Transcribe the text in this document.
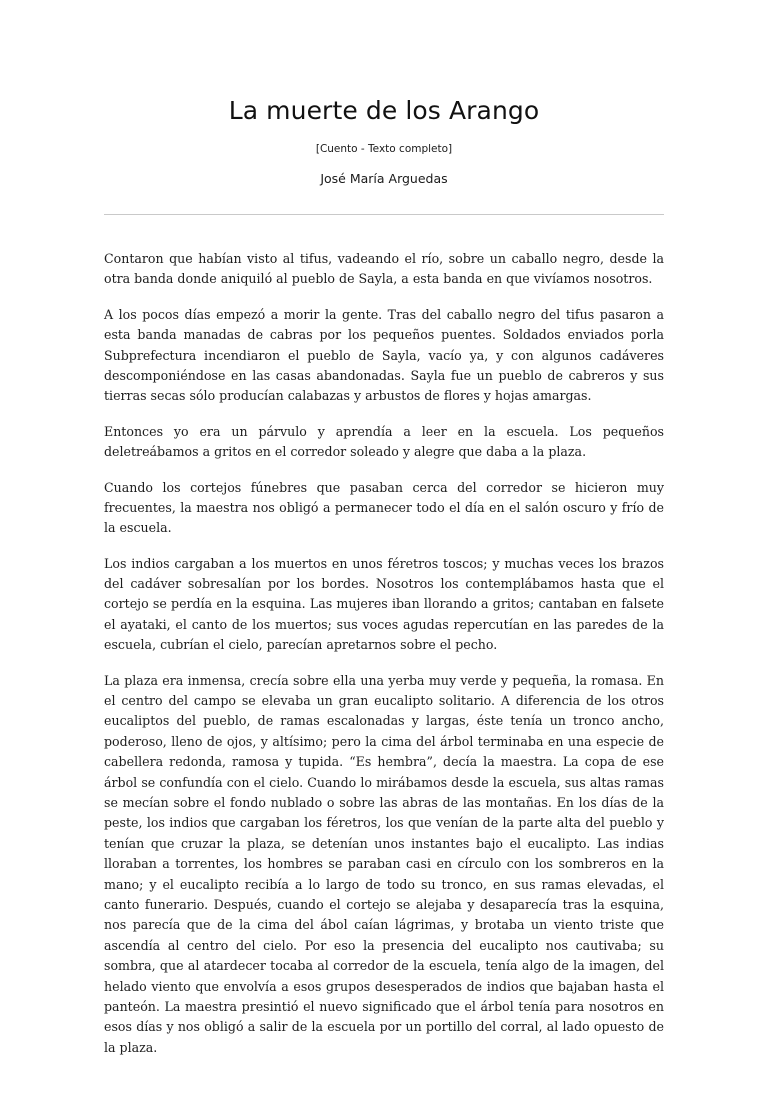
La muerte de los Arango
[Cuento - Texto completo]
José María Arguedas

Contaron que habían visto al tifus, vadeando el río, sobre un caballo negro, desde la otra banda donde aniquiló al pueblo de Sayla, a esta banda en que vivíamos nosotros.

A los pocos días empezó a morir la gente. Tras del caballo negro del tifus pasaron a esta banda manadas de cabras por los pequeños puentes. Soldados enviados porla Subprefectura incendiaron el pueblo de Sayla, vacío ya, y con algunos cadáveres descomponiéndose en las casas abandonadas. Sayla fue un pueblo de cabreros y sus tierras secas sólo producían calabazas y arbustos de flores y hojas amargas.

Entonces yo era un párvulo y aprendía a leer en la escuela. Los pequeños deletreábamos a gritos en el corredor soleado y alegre que daba a la plaza.

Cuando los cortejos fúnebres que pasaban cerca del corredor se hicieron muy frecuentes, la maestra nos obligó a permanecer todo el día en el salón oscuro y frío de la escuela.

Los indios cargaban a los muertos en unos féretros toscos; y muchas veces los brazos del cadáver sobresalían por los bordes. Nosotros los contemplábamos hasta que el cortejo se perdía en la esquina. Las mujeres iban llorando a gritos; cantaban en falsete el ayataki, el canto de los muertos; sus voces agudas repercutían en las paredes de la escuela, cubrían el cielo, parecían apretarnos sobre el pecho.

La plaza era inmensa, crecía sobre ella una yerba muy verde y pequeña, la romasa. En el centro del campo se elevaba un gran eucalipto solitario. A diferencia de los otros eucaliptos del pueblo, de ramas escalonadas y largas, éste tenía un tronco ancho, poderoso, lleno de ojos, y altísimo; pero la cima del árbol terminaba en una especie de cabellera redonda, ramosa y tupida. “Es hembra”, decía la maestra. La copa de ese árbol se confundía con el cielo. Cuando lo mirábamos desde la escuela, sus altas ramas se mecían sobre el fondo nublado o sobre las abras de las montañas. En los días de la peste, los indios que cargaban los féretros, los que venían de la parte alta del pueblo y tenían que cruzar la plaza, se detenían unos instantes bajo el eucalipto. Las indias lloraban a torrentes, los hombres se paraban casi en círculo con los sombreros en la mano; y el eucalipto recibía a lo largo de todo su tronco, en sus ramas elevadas, el canto funerario. Después, cuando el cortejo se alejaba y desaparecía tras la esquina, nos parecía que de la cima del ábol caían lágrimas, y brotaba un viento triste que ascendía al centro del cielo. Por eso la presencia del eucalipto nos cautivaba; su sombra, que al atardecer tocaba al corredor de la escuela, tenía algo de la imagen, del helado viento que envolvía a esos grupos desesperados de indios que bajaban hasta el panteón. La maestra presintió el nuevo significado que el árbol tenía para nosotros en esos días y nos obligó a salir de la escuela por un portillo del corral, al lado opuesto de la plaza.
